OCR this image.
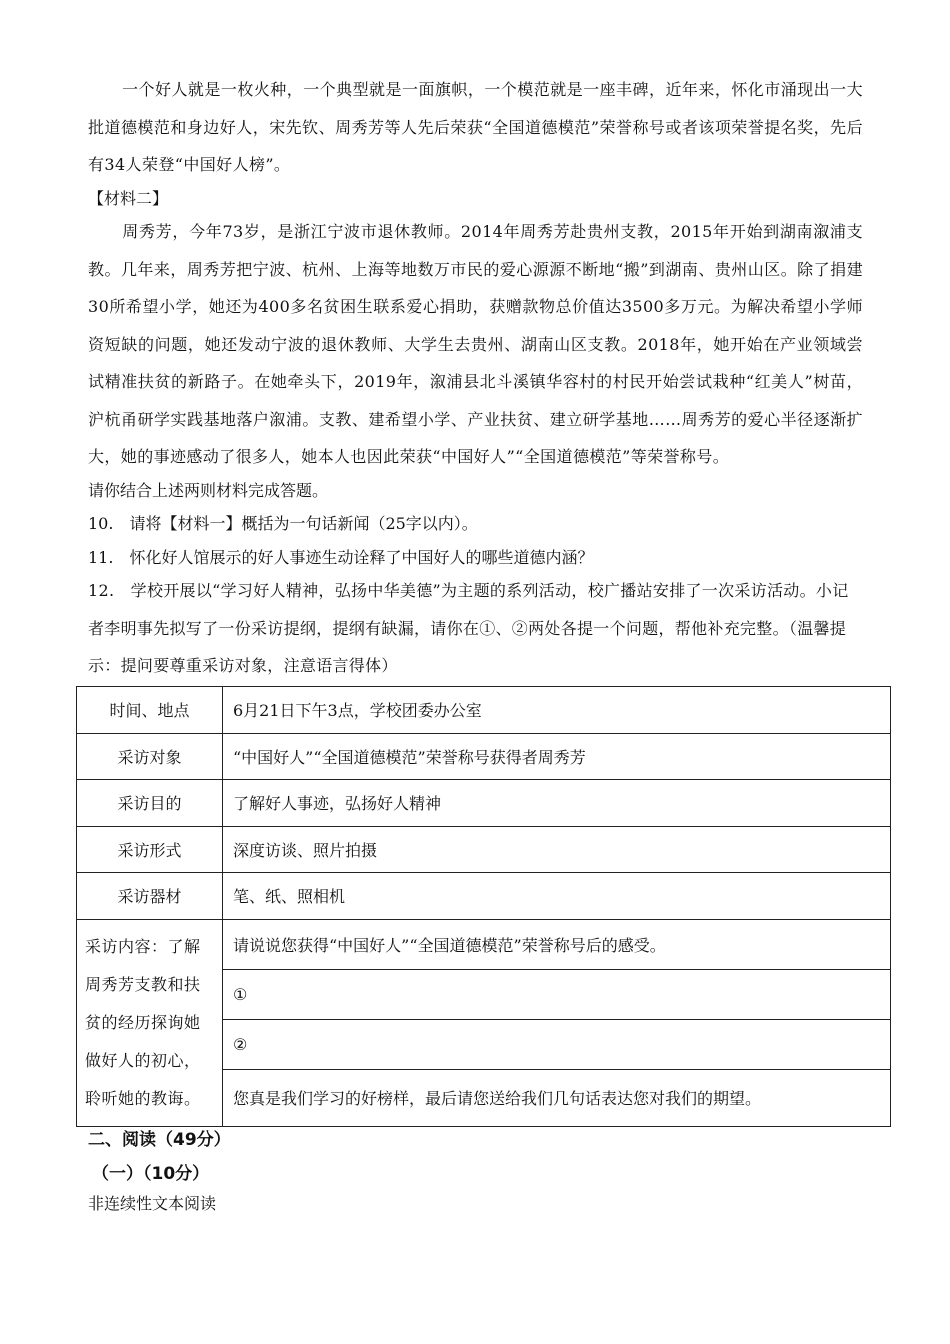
一个好人就是一枚火种，一个典型就是一面旗帜，一个模范就是一座丰碑，近年来，怀化市涌现出一大批道德模范和身边好人，宋先钦、周秀芳等人先后荣获“全国道德模范”荣誉称号或者该项荣誉提名奖，先后有34人荣登“中国好人榜”。
【材料二】
周秀芳，今年73岁，是浙江宁波市退休教师。2014年周秀芳赴贵州支教，2015年开始到湖南溆浦支教。几年来，周秀芳把宁波、杭州、上海等地数万市民的爱心源源不断地“搬”到湖南、贵州山区。除了捐建30所希望小学，她还为400多名贫困生联系爱心捐助，获赠款物总价值达3500多万元。为解决希望小学师资短缺的问题，她还发动宁波的退休教师、大学生去贵州、湖南山区支教。2018年，她开始在产业领域尝试精准扶贫的新路子。在她牵头下，2019年，溆浦县北斗溪镇华容村的村民开始尝试栽种“红美人”树苗，沪杭甬研学实践基地落户溆浦。支教、建希望小学、产业扶贫、建立研学基地……周秀芳的爱心半径逐渐扩大，她的事迹感动了很多人，她本人也因此荣获“中国好人”“全国道德模范”等荣誉称号。
请你结合上述两则材料完成答题。
10.　请将【材料一】概括为一句话新闻（25字以内）。
11.　怀化好人馆展示的好人事迹生动诠释了中国好人的哪些道德内涵？
12.　学校开展以“学习好人精神，弘扬中华美德”为主题的系列活动，校广播站安排了一次采访活动。小记者李明事先拟写了一份采访提纲，提纲有缺漏，请你在①、②两处各提一个问题，帮他补充完整。（温馨提示：提问要尊重采访对象，注意语言得体）
时间、地点	6月21日下午3点，学校团委办公室
采访对象	“中国好人”“全国道德模范”荣誉称号获得者周秀芳
采访目的	了解好人事迹，弘扬好人精神
采访形式	深度访谈、照片拍摄
采访器材	笔、纸、照相机
采访内容：了解周秀芳支教和扶贫的经历探询她做好人的初心，聆听她的教诲。	请说说您获得“中国好人”“全国道德模范”荣誉称号后的感受。
	①
	②
	您真是我们学习的好榜样，最后请您送给我们几句话表达您对我们的期望。
二、阅读（49分）
（一）（10分）
非连续性文本阅读
